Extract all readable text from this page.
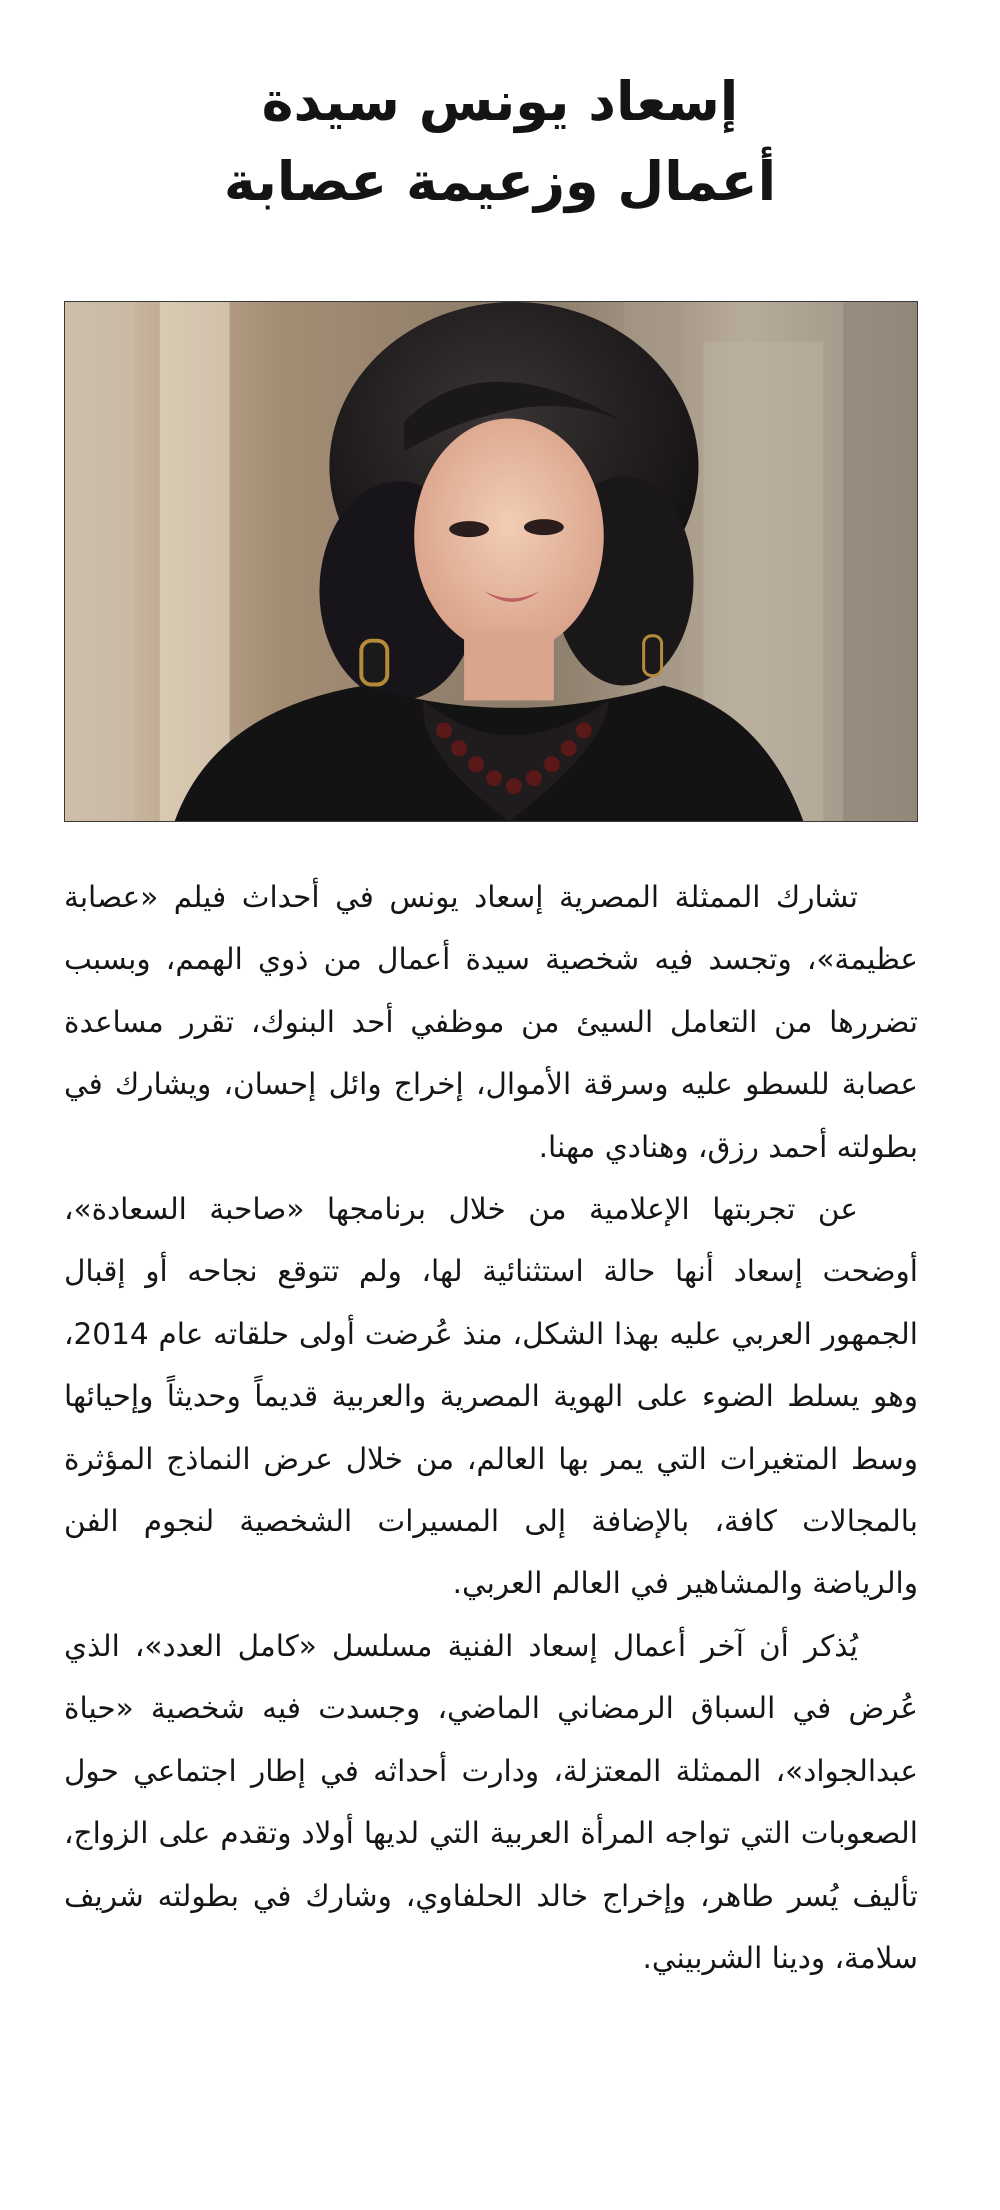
إسعاد يونس سيدة
أعمال وزعيمة عصابة

تشارك الممثلة المصرية إسعاد يونس في أحداث فيلم «عصابة عظيمة»، وتجسد فيه شخصية سيدة أعمال من ذوي الهمم، وبسبب تضررها من التعامل السيئ من موظفي أحد البنوك، تقرر مساعدة عصابة للسطو عليه وسرقة الأموال، إخراج وائل إحسان، ويشارك في بطولته أحمد رزق، وهنادي مهنا.

عن تجربتها الإعلامية من خلال برنامجها «صاحبة السعادة»، أوضحت إسعاد أنها حالة استثنائية لها، ولم تتوقع نجاحه أو إقبال الجمهور العربي عليه بهذا الشكل، منذ عُرضت أولى حلقاته عام 2014، وهو يسلط الضوء على الهوية المصرية والعربية قديماً وحديثاً وإحيائها وسط المتغيرات التي يمر بها العالم، من خلال عرض النماذج المؤثرة بالمجالات كافة، بالإضافة إلى المسيرات الشخصية لنجوم الفن والرياضة والمشاهير في العالم العربي.

يُذكر أن آخر أعمال إسعاد الفنية مسلسل «كامل العدد»، الذي عُرض في السباق الرمضاني الماضي، وجسدت فيه شخصية «حياة عبدالجواد»، الممثلة المعتزلة، ودارت أحداثه في إطار اجتماعي حول الصعوبات التي تواجه المرأة العربية التي لديها أولاد وتقدم على الزواج، تأليف يُسر طاهر، وإخراج خالد الحلفاوي، وشارك في بطولته شريف سلامة، ودينا الشربيني.
